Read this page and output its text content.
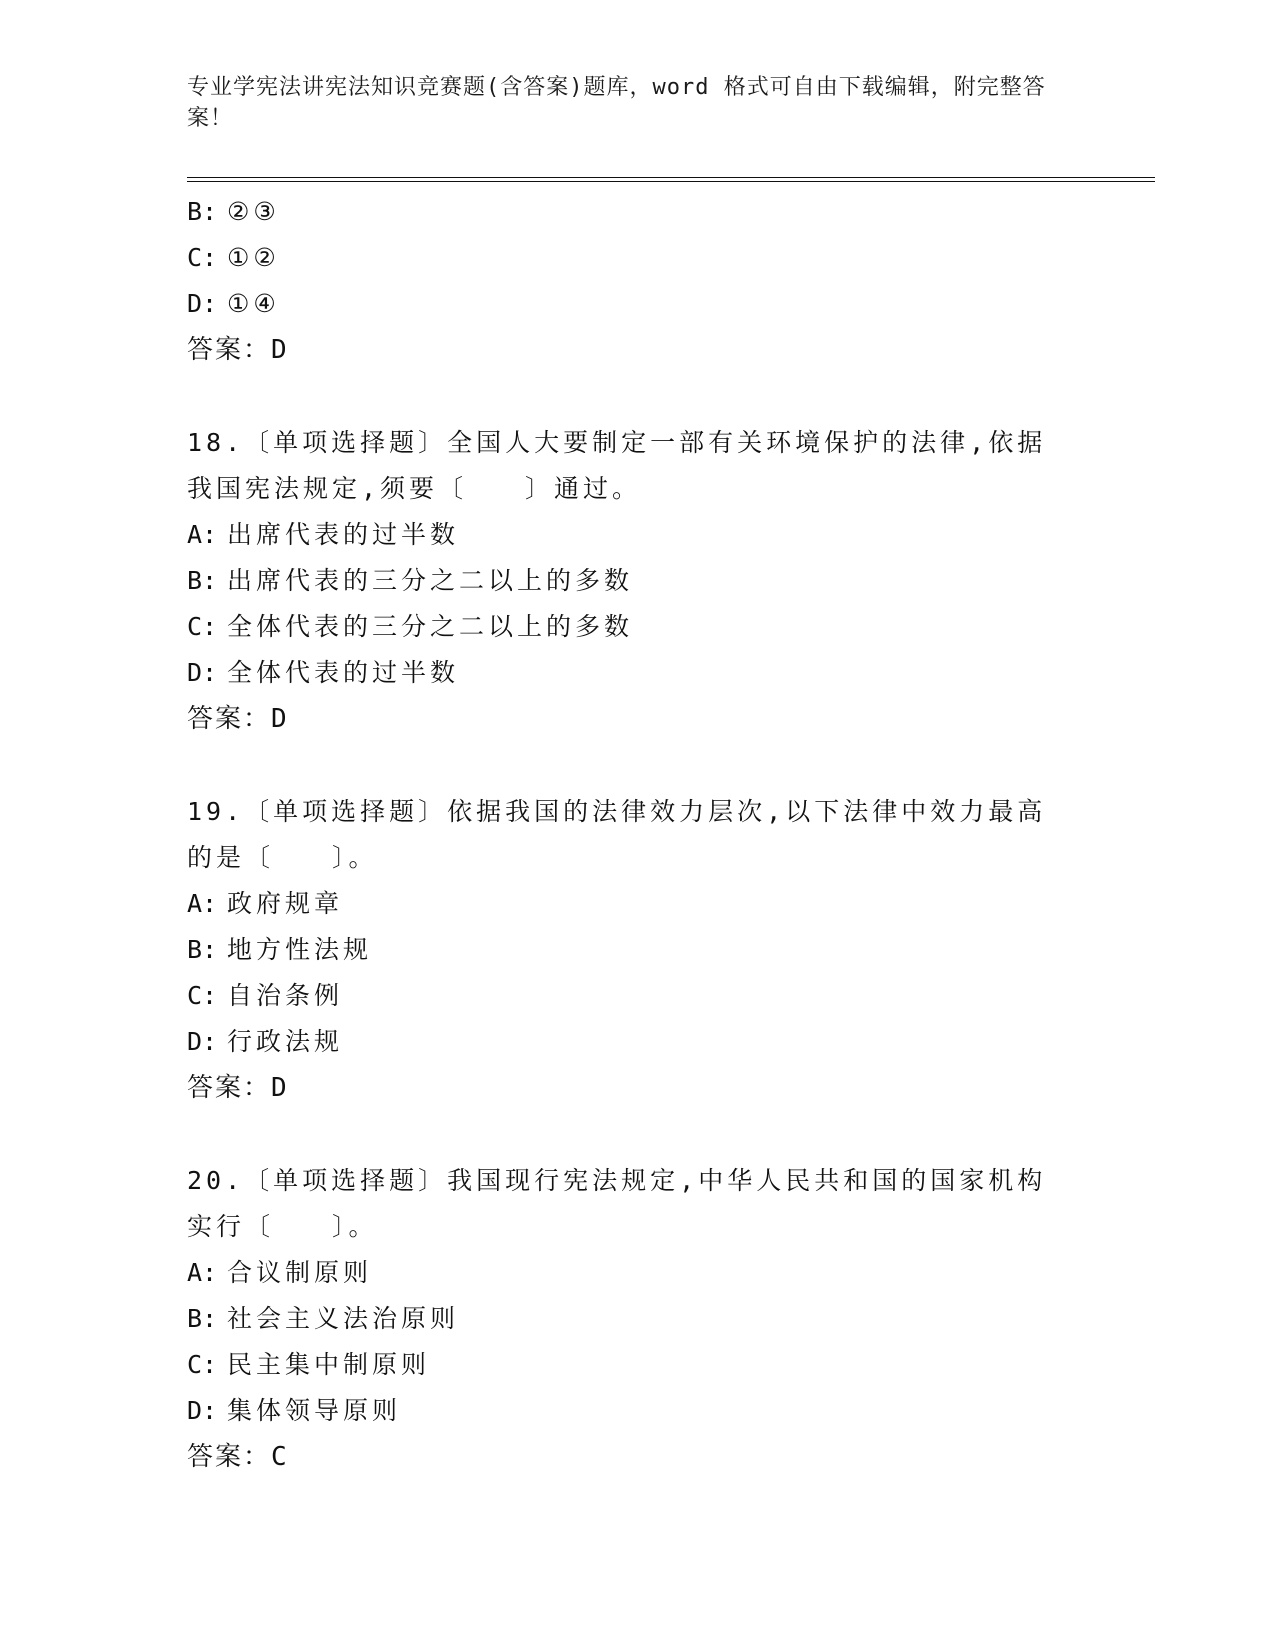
专业学宪法讲宪法知识竞赛题(含答案)题库，word 格式可自由下载编辑，附完整答案！
B: ②③
C: ①②
D: ①④
答案：D
18.〔单项选择题〕全国人大要制定一部有关环境保护的法律,依据我国宪法规定,须要〔　　〕通过。
A: 出席代表的过半数
B: 出席代表的三分之二以上的多数
C: 全体代表的三分之二以上的多数
D: 全体代表的过半数
答案：D
19.〔单项选择题〕依据我国的法律效力层次,以下法律中效力最高的是〔　　〕。
A: 政府规章
B: 地方性法规
C: 自治条例
D: 行政法规
答案：D
20.〔单项选择题〕我国现行宪法规定,中华人民共和国的国家机构实行〔　　〕。
A: 合议制原则
B: 社会主义法治原则
C: 民主集中制原则
D: 集体领导原则
答案：C
